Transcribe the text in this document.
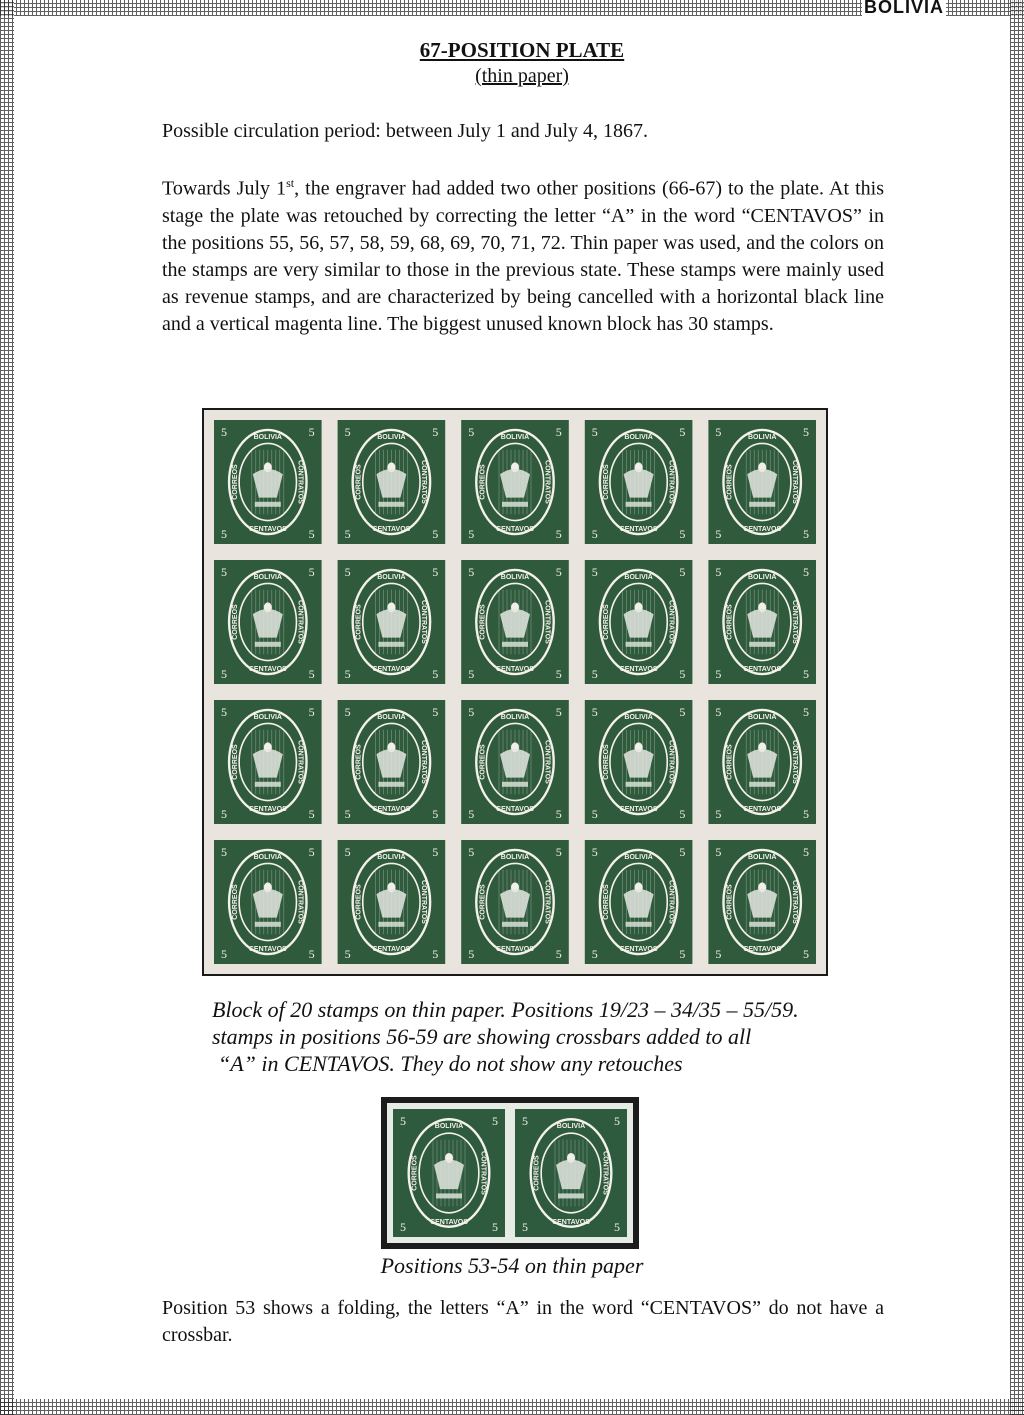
BOLIVIA
67-POSITION PLATE
(thin paper)
Possible circulation period: between July 1 and July 4, 1867.
Towards July 1st, the engraver had added two other positions (66-67) to the plate. At this stage the plate was retouched by correcting the letter “A” in the word “CENTAVOS” in the positions 55, 56, 57, 58, 59, 68, 69, 70, 71, 72. Thin paper was used, and the colors on the stamps are very similar to those in the previous state. These stamps were mainly used as revenue stamps, and are characterized by being cancelled with a horizontal black line and a vertical magenta line. The biggest unused known block has 30 stamps.
BOLIVIA
CENTAVOS
CORREOS	CONTRATOS
5	5
5	5
BOLIVIA
CENTAVOS
CORREOS	CONTRATOS
5	5
5	5
BOLIVIA
CENTAVOS
CORREOS	CONTRATOS
5	5
5	5
BOLIVIA
CENTAVOS
CORREOS	CONTRATOS
5	5
5	5
BOLIVIA
CENTAVOS
CORREOS	CONTRATOS
5	5
5	5
BOLIVIA
CENTAVOS
CORREOS	CONTRATOS
5	5
5	5
BOLIVIA
CENTAVOS
CORREOS	CONTRATOS
5	5
5	5
BOLIVIA
CENTAVOS
CORREOS	CONTRATOS
5	5
5	5
BOLIVIA
CENTAVOS
CORREOS	CONTRATOS
5	5
5	5
BOLIVIA
CENTAVOS
CORREOS	CONTRATOS
5	5
5	5
BOLIVIA
CENTAVOS
CORREOS	CONTRATOS
5	5
5	5
BOLIVIA
CENTAVOS
CORREOS	CONTRATOS
5	5
5	5
BOLIVIA
CENTAVOS
CORREOS	CONTRATOS
5	5
5	5
BOLIVIA
CENTAVOS
CORREOS	CONTRATOS
5	5
5	5
BOLIVIA
CENTAVOS
CORREOS	CONTRATOS
5	5
5	5
BOLIVIA
CENTAVOS
CORREOS	CONTRATOS
5	5
5	5
BOLIVIA
CENTAVOS
CORREOS	CONTRATOS
5	5
5	5
BOLIVIA
CENTAVOS
CORREOS	CONTRATOS
5	5
5	5
BOLIVIA
CENTAVOS
CORREOS	CONTRATOS
5	5
5	5
BOLIVIA
CENTAVOS
CORREOS	CONTRATOS
5	5
5	5
Block of 20 stamps on thin paper. Positions 19/23 – 34/35 – 55/59.
stamps in positions 56-59 are showing crossbars added to all
“A” in CENTAVOS. They do not show any retouches
BOLIVIA
CENTAVOS
CORREOS	CONTRATOS
5	5
5	5
BOLIVIA
CENTAVOS
CORREOS	CONTRATOS
5	5
5	5
Positions 53-54 on thin paper
Position 53 shows a folding, the letters “A” in the word “CENTAVOS” do not have a crossbar.
